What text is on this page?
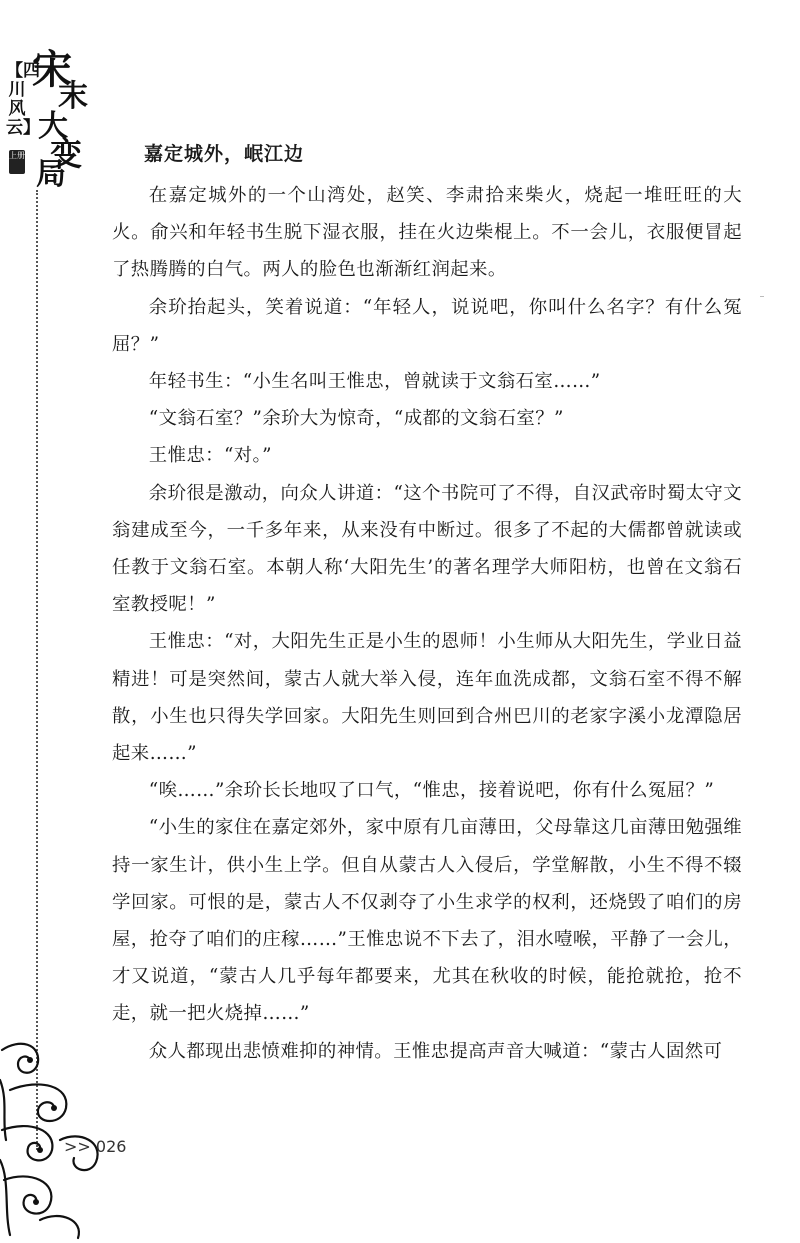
【四川风云】
上册
宋
末
大
变
局
嘉定城外，岷江边

在嘉定城外的一个山湾处，赵笑、李肃拾来柴火，烧起一堆旺旺的大火。俞兴和年轻书生脱下湿衣服，挂在火边柴棍上。不一会儿，衣服便冒起了热腾腾的白气。两人的脸色也渐渐红润起来。

余玠抬起头，笑着说道：“年轻人，说说吧，你叫什么名字？有什么冤屈？”

年轻书生：“小生名叫王惟忠，曾就读于文翁石室……”

“文翁石室？”余玠大为惊奇，“成都的文翁石室？”

王惟忠：“对。”

余玠很是激动，向众人讲道：“这个书院可了不得，自汉武帝时蜀太守文翁建成至今，一千多年来，从来没有中断过。很多了不起的大儒都曾就读或任教于文翁石室。本朝人称‘大阳先生’的著名理学大师阳枋，也曾在文翁石室教授呢！”

王惟忠：“对，大阳先生正是小生的恩师！小生师从大阳先生，学业日益精进！可是突然间，蒙古人就大举入侵，连年血洗成都，文翁石室不得不解散，小生也只得失学回家。大阳先生则回到合州巴川的老家字溪小龙潭隐居起来……”

“唉……”余玠长长地叹了口气，“惟忠，接着说吧，你有什么冤屈？”

“小生的家住在嘉定郊外，家中原有几亩薄田，父母靠这几亩薄田勉强维持一家生计，供小生上学。但自从蒙古人入侵后，学堂解散，小生不得不辍学回家。可恨的是，蒙古人不仅剥夺了小生求学的权利，还烧毁了咱们的房屋，抢夺了咱们的庄稼……”王惟忠说不下去了，泪水噎喉，平静了一会儿，才又说道，“蒙古人几乎每年都要来，尤其在秋收的时候，能抢就抢，抢不走，就一把火烧掉……”

众人都现出悲愤难抑的神情。王惟忠提高声音大喊道：“蒙古人固然可

>> 026
